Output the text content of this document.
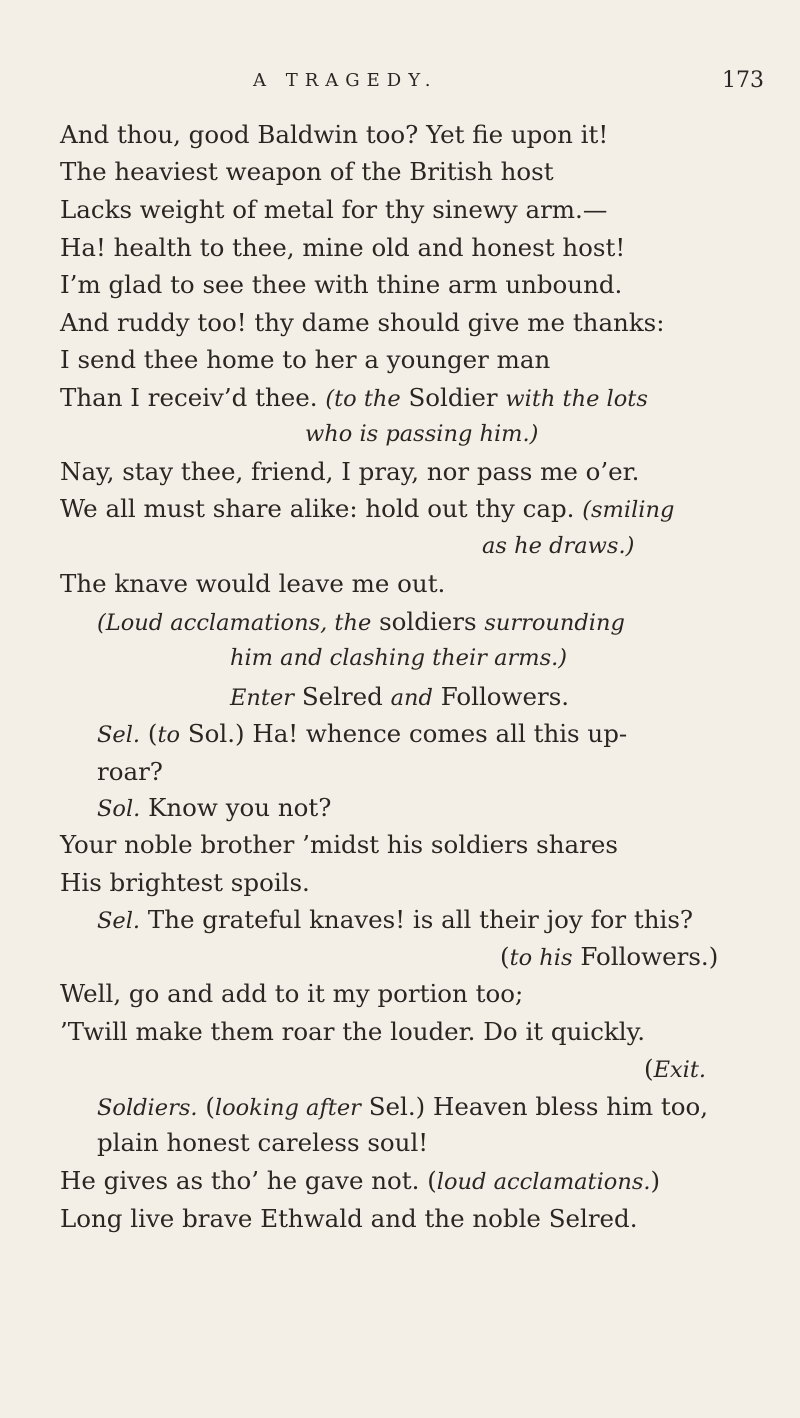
A TRAGEDY.	173
And thou, good Baldwin too? Yet fie upon it!
The heaviest weapon of the British host
Lacks weight of metal for thy sinewy arm.—
Ha! health to thee, mine old and honest host!
I’m glad to see thee with thine arm unbound.
And ruddy too! thy dame should give me thanks:
I send thee home to her a younger man
Than I receiv’d thee. (to the Soldier with the lots
who is passing him.)
Nay, stay thee, friend, I pray, nor pass me o’er.
We all must share alike: hold out thy cap. (smiling
as he draws.)
The knave would leave me out.
(Loud acclamations, the soldiers surrounding
him and clashing their arms.)
Enter Selred and Followers.
Sel. (to Sol.) Ha! whence comes all this up-
roar?
Sol. Know you not?
Your noble brother ’midst his soldiers shares
His brightest spoils.
Sel. The grateful knaves! is all their joy for this?
(to his Followers.)
Well, go and add to it my portion too;
’Twill make them roar the louder. Do it quickly.
(Exit.
Soldiers. (looking after Sel.) Heaven bless him too,
plain honest careless soul!
He gives as tho’ he gave not. (loud acclamations.)
Long live brave Ethwald and the noble Selred.
